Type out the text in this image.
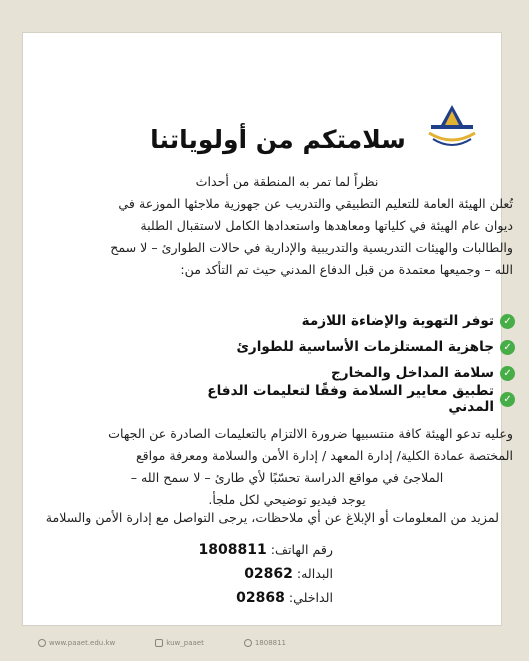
سلامتكم من أولوياتنا
نظراً لما تمر به المنطقة من أحداث
تُعلن الهيئة العامة للتعليم التطبيقي والتدريب عن جهوزية ملاجئها الموزعة في
ديوان عام الهيئة في كلياتها ومعاهدها واستعدادها الكامل لاستقبال الطلبة
والطالبات والهيئات التدريسية والتدريبية والإدارية في حالات الطوارئ – لا سمح
الله – وجميعها معتمدة من قبل الدفاع المدني حيث تم التأكد من:
✓
توفر التهوية والإضاءة اللازمة
✓
جاهزية المستلزمات الأساسية للطوارئ
✓
سلامة المداخل والمخارج
✓
تطبيق معايير السلامة وفقًا لتعليمات الدفاع المدني
وعليه تدعو الهيئة كافة منتسبيها ضرورة الالتزام بالتعليمات الصادرة عن الجهات
المختصة عمادة الكلية/ إدارة المعهد / إدارة الأمن والسلامة ومعرفة مواقع
الملاجئ في مواقع الدراسة تحسّبًا لأي طارئ – لا سمح الله –
يوجد فيديو توضيحي لكل ملجأ.
لمزيد من المعلومات أو الإبلاغ عن أي ملاحظات، يرجى التواصل مع إدارة الأمن والسلامة
رقم الهاتف: 1808811
البداله: 02862
الداخلي: 02868
www.paaet.edu.kw	kuw_paaet	1808811
